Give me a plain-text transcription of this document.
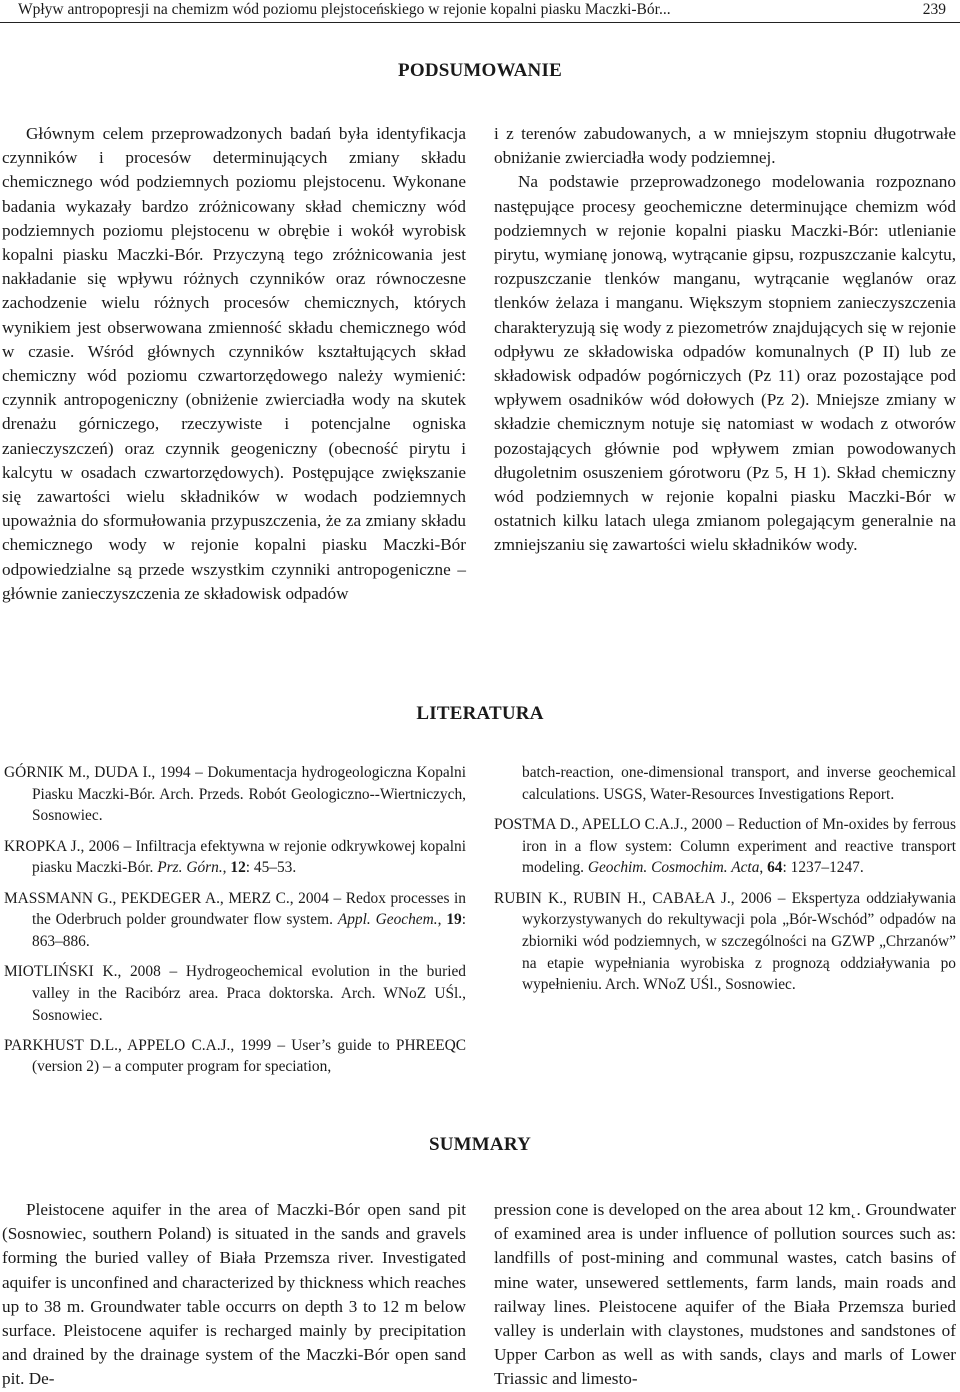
Wpływ antropopresji na chemizm wód poziomu plejstoceńskiego w rejonie kopalni piasku Maczki-Bór...	239
PODSUMOWANIE

Głównym celem przeprowadzonych badań była identyfikacja czynników i procesów determinujących zmiany składu chemicznego wód podziemnych poziomu plejstocenu. Wykonane badania wykazały bardzo zróżnicowany skład chemiczny wód podziemnych poziomu plejstocenu w obrębie i wokół wyrobisk kopalni piasku Maczki-Bór. Przyczyną tego zróżnicowania jest nakładanie się wpływu różnych czynników oraz równoczesne zachodzenie wielu różnych procesów chemicznych, których wynikiem jest obserwowana zmienność składu chemicznego wód w czasie. Wśród głównych czynników kształtujących skład chemiczny wód poziomu czwartorzędowego należy wymienić: czynnik antropogeniczny (obniżenie zwierciadła wody na skutek drenażu górniczego, rzeczywiste i potencjalne ogniska zanieczyszczeń) oraz czynnik geogeniczny (obecność pirytu i kalcytu w osadach czwartorzędowych). Postępujące zwiększanie się zawartości wielu składników w wodach podziemnych upoważnia do sformułowania przypuszczenia, że za zmiany składu chemicznego wody w rejonie kopalni piasku Maczki-Bór odpowiedzialne są przede wszystkim czynniki antropogeniczne – głównie zanieczyszczenia ze składowisk odpadów

i z terenów zabudowanych, a w mniejszym stopniu długotrwałe obniżanie zwierciadła wody podziemnej.

Na podstawie przeprowadzonego modelowania rozpoznano następujące procesy geochemiczne determinujące chemizm wód podziemnych w rejonie kopalni piasku Maczki-Bór: utlenianie pirytu, wymianę jonową, wytrącanie gipsu, rozpuszczanie kalcytu, rozpuszczanie tlenków manganu, wytrącanie węglanów oraz tlenków żelaza i manganu. Większym stopniem zanieczyszczenia charakteryzują się wody z piezometrów znajdujących się w rejonie odpływu ze składowiska odpadów komunalnych (P II) lub ze składowisk odpadów pogórniczych (Pz 11) oraz pozostające pod wpływem osadników wód dołowych (Pz 2). Mniejsze zmiany w składzie chemicznym notuje się natomiast w wodach z otworów pozostających głównie pod wpływem zmian powodowanych długoletnim osuszeniem górotworu (Pz 5, H 1). Skład chemiczny wód podziemnych w rejonie kopalni piasku Maczki-Bór w ostatnich kilku latach ulega zmianom polegającym generalnie na zmniejszaniu się zawartości wielu składników wody.

LITERATURA
GÓRNIK M., DUDA I., 1994 – Dokumentacja hydrogeologiczna Kopalni Piasku Maczki-Bór. Arch. Przeds. Robót Geologiczno--Wiertniczych, Sosnowiec.
KROPKA J., 2006 – Infiltracja efektywna w rejonie odkrywkowej kopalni piasku Maczki-Bór. Prz. Górn., 12: 45–53.
MASSMANN G., PEKDEGER A., MERZ C., 2004 – Redox processes in the Oderbruch polder groundwater flow system. Appl. Geochem., 19: 863–886.
MIOTLIŃSKI K., 2008 – Hydrogeochemical evolution in the buried valley in the Racibórz area. Praca doktorska. Arch. WNoZ UŚl., Sosnowiec.
PARKHUST D.L., APPELO C.A.J., 1999 – User’s guide to PHREEQC (version 2) – a computer program for speciation,
batch-reaction, one-dimensional transport, and inverse geochemical calculations. USGS, Water-Resources Investigations Report.
POSTMA D., APELLO C.A.J., 2000 – Reduction of Mn-oxides by ferrous iron in a flow system: Column experiment and reactive transport modeling. Geochim. Cosmochim. Acta, 64: 1237–1247.
RUBIN K., RUBIN H., CABAŁA J., 2006 – Ekspertyza oddziaływania wykorzystywanych do rekultywacji pola „Bór-Wschód” odpadów na zbiorniki wód podziemnych, w szczególności na GZWP „Chrzanów” na etapie wypełniania wyrobiska z prognozą oddziaływania po wypełnieniu. Arch. WNoZ UŚl., Sosnowiec.
SUMMARY

Pleistocene aquifer in the area of Maczki-Bór open sand pit (Sosnowiec, southern Poland) is situated in the sands and gravels forming the buried valley of Biała Przemsza river. Investigated aquifer is unconfined and characterized by thickness which reaches up to 38 m. Groundwater table occurrs on depth 3 to 12 m below surface. Pleistocene aquifer is recharged mainly by precipitation and drained by the drainage system of the Maczki-Bór open sand pit. De-

pression cone is developed on the area about 12 km˛. Groundwater of examined area is under influence of pollution sources such as: landfills of post-mining and communal wastes, catch basins of mine water, unsewered settlements, farm lands, main roads and railway lines. Pleistocene aquifer of the Biała Przemsza buried valley is underlain with claystones, mudstones and sandstones of Upper Carbon as well as with sands, clays and marls of Lower Triassic and limesto-
